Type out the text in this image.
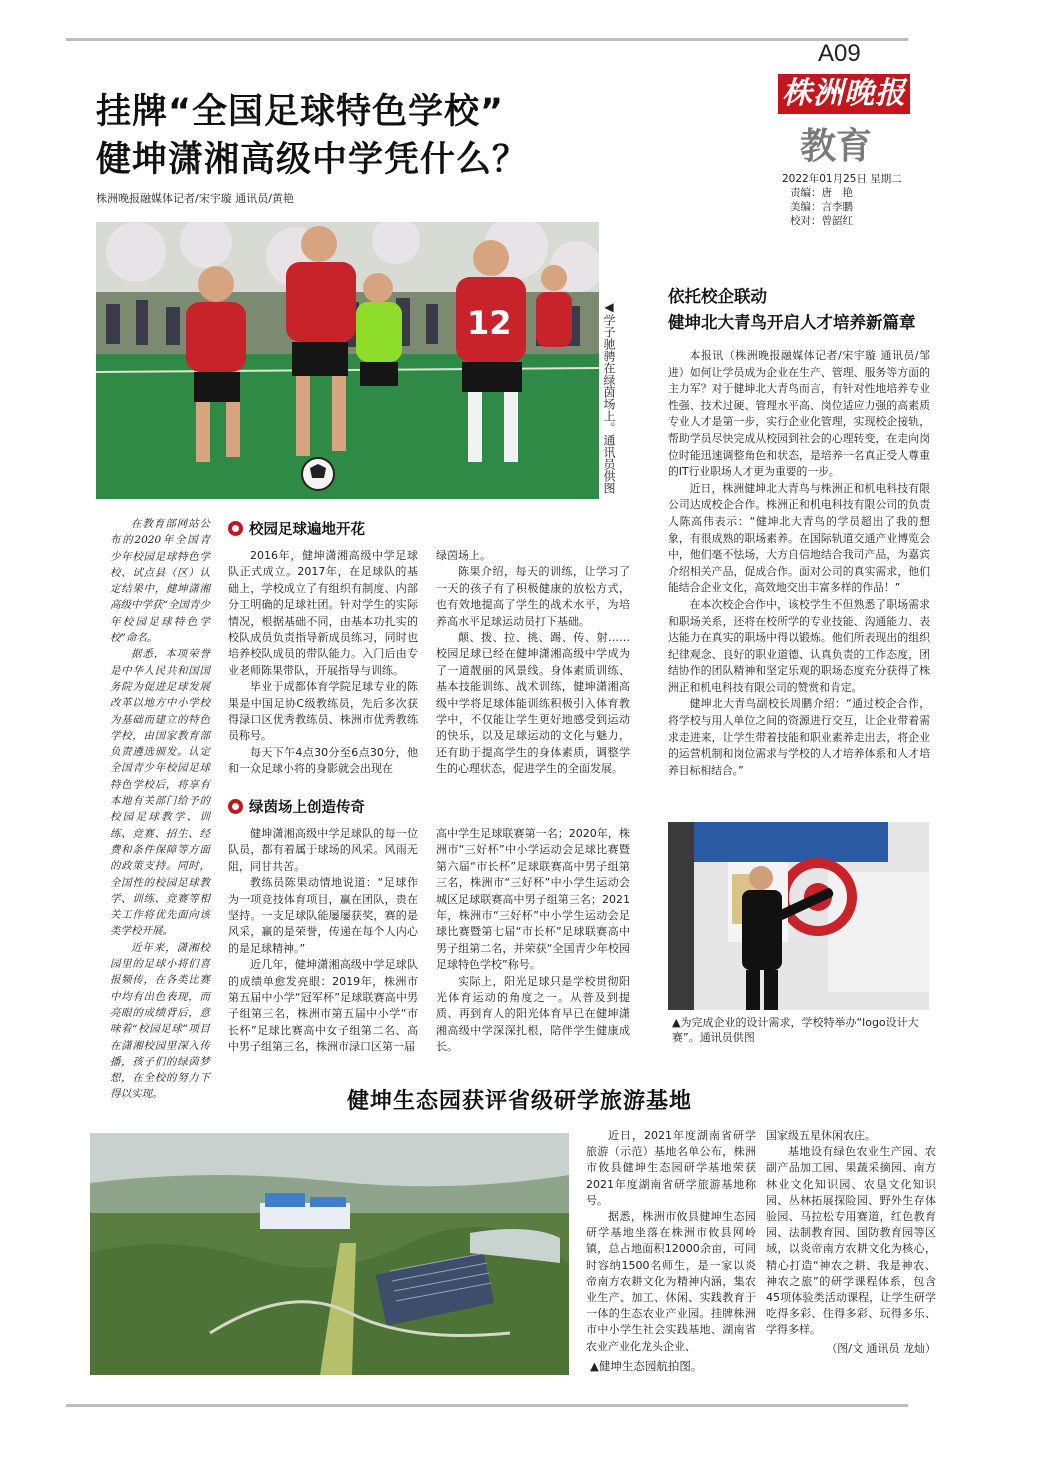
A09
株洲晚报
教育
2022年01月25日 星期二
责编：唐　艳
美编：言李鹏
校对：曾韶红
挂牌“全国足球特色学校”
健坤潇湘高级中学凭什么？
株洲晚报融媒体记者/宋宇璇 通讯员/黄艳
12	◀学子驰骋在绿茵场上。通讯员供图

在教育部网站公布的2020年全国青少年校园足球特色学校、试点县（区）认定结果中，健坤潇湘高级中学获“全国青少年校园足球特色学校”命名。

据悉，本项荣誉是中华人民共和国国务院为促进足球发展改革以地方中小学校为基础而建立的特色学校，由国家教育部负责遴选颁发。认定全国青少年校园足球特色学校后，将享有本地有关部门给予的校园足球教学、训练、竞赛、招生、经费和条件保障等方面的政策支持。同时，全国性的校园足球教学、训练、竞赛等相关工作将优先面向该类学校开展。

近年来，潇湘校园里的足球小将们喜报频传，在各类比赛中均有出色表现，而亮眼的成绩背后，意味着“校园足球”项目在潇湘校园里深入传播，孩子们的绿茵梦想，在全校的努力下得以实现。

校园足球遍地开花

2016年，健坤潇湘高级中学足球队正式成立。2017年，在足球队的基础上，学校成立了有组织有制度、内部分工明确的足球社团。针对学生的实际情况，根据基础不同，由基本功扎实的校队成员负责指导新成员练习，同时也培养校队成员的带队能力。入门后由专业老师陈果带队，开展指导与训练。

毕业于成都体育学院足球专业的陈果是中国足协C级教练员，先后多次获得渌口区优秀教练员、株洲市优秀教练员称号。

每天下午4点30分至6点30分，他和一众足球小将的身影就会出现在

绿茵场上。

陈果介绍，每天的训练，让学习了一天的孩子有了积极健康的放松方式，也有效地提高了学生的战术水平，为培养高水平足球运动员打下基础。

颠、拨、拉、挑、踢、传、射……校园足球已经在健坤潇湘高级中学成为了一道靓丽的风景线。身体素质训练、基本技能训练、战术训练，健坤潇湘高级中学将足球体能训练积极引入体育教学中，不仅能让学生更好地感受到运动的快乐，以及足球运动的文化与魅力，还有助于提高学生的身体素质，调整学生的心理状态，促进学生的全面发展。

绿茵场上创造传奇

健坤潇湘高级中学足球队的每一位队员，都有着属于球场的风采。风雨无阻，同甘共苦。

教练员陈果动情地说道：“足球作为一项竞技体育项目，赢在团队，贵在坚持。一支足球队能屡屡获奖，赛的是风采，赢的是荣誉，传递在每个人内心的是足球精神。”

近几年，健坤潇湘高级中学足球队的成绩单愈发亮眼：2019年，株洲市第五届中小学“冠军杯”足球联赛高中男子组第三名，株洲市第五届中小学“市长杯”足球比赛高中女子组第二名、高中男子组第三名，株洲市渌口区第一届

高中学生足球联赛第一名；2020年，株洲市“三好杯”中小学运动会足球比赛暨第六届“市长杯”足球联赛高中男子组第三名，株洲市“三好杯”中小学生运动会城区足球联赛高中男子组第三名；2021年，株洲市“三好杯”中小学生运动会足球比赛暨第七届“市长杯”足球联赛高中男子组第二名，并荣获“全国青少年校园足球特色学校”称号。

实际上，阳光足球只是学校贯彻阳光体育运动的角度之一。从普及到提质、再到育人的阳光体育早已在健坤潇湘高级中学深深扎根，陪伴学生健康成长。

依托校企联动
健坤北大青鸟开启人才培养新篇章

本报讯（株洲晚报融媒体记者/宋宇璇 通讯员/邹进）如何让学员成为企业在生产、管理、服务等方面的主力军？对于健坤北大青鸟而言，有针对性地培养专业性强、技术过硬、管理水平高、岗位适应力强的高素质专业人才是第一步，实行企业化管理，实现校企接轨，帮助学员尽快完成从校园到社会的心理转变，在走向岗位时能迅速调整角色和状态，是培养一名真正受人尊重的IT行业职场人才更为重要的一步。

近日，株洲健坤北大青鸟与株洲正和机电科技有限公司达成校企合作。株洲正和机电科技有限公司的负责人陈高伟表示：“健坤北大青鸟的学员超出了我的想象，有很成熟的职场素养。在国际轨道交通产业博览会中，他们毫不怯场，大方自信地结合我司产品，为嘉宾介绍相关产品，促成合作。面对公司的真实需求，他们能结合企业文化，高效地交出丰富多样的作品！”

在本次校企合作中，该校学生不但熟悉了职场需求和职场关系，还将在校所学的专业技能、沟通能力、表达能力在真实的职场中得以锻炼。他们所表现出的组织纪律观念、良好的职业道德、认真负责的工作态度，团结协作的团队精神和坚定乐观的职场态度充分获得了株洲正和机电科技有限公司的赞赏和肯定。

健坤北大青鸟副校长周鹏介绍：“通过校企合作，将学校与用人单位之间的资源进行交互，让企业带着需求走进来，让学生带着技能和职业素养走出去，将企业的运营机制和岗位需求与学校的人才培养体系和人才培养目标相结合。”

▲为完成企业的设计需求，学校特举办“logo设计大赛”。通讯员供图
健坤生态园获评省级研学旅游基地

近日，2021年度湖南省研学旅游（示范）基地名单公布，株洲市攸县健坤生态园研学基地荣获2021年度湖南省研学旅游基地称号。

据悉，株洲市攸县健坤生态园研学基地坐落在株洲市攸县网岭镇，总占地面积12000余亩，可同时容纳1500名师生，是一家以炎帝南方农耕文化为精神内涵，集农业生产、加工、休闲、实践教育于一体的生态农业产业园。挂牌株洲市中小学生社会实践基地、湖南省农业产业化龙头企业、

国家级五星休闲农庄。

基地设有绿色农业生产园、农副产品加工园、果蔬采摘园、南方林业文化知识园、农垦文化知识园、丛林拓展探险园、野外生存体验园、马拉松专用赛道，红色教育园、法制教育园、国防教育园等区域，以炎帝南方农耕文化为核心，精心打造“神农之耕、我是神农、神农之旅”的研学课程体系，包含45项体验类活动课程，让学生研学吃得多彩、住得多彩、玩得多乐、学得多样。

（图/文 通讯员 龙灿）
▲健坤生态园航拍图。
